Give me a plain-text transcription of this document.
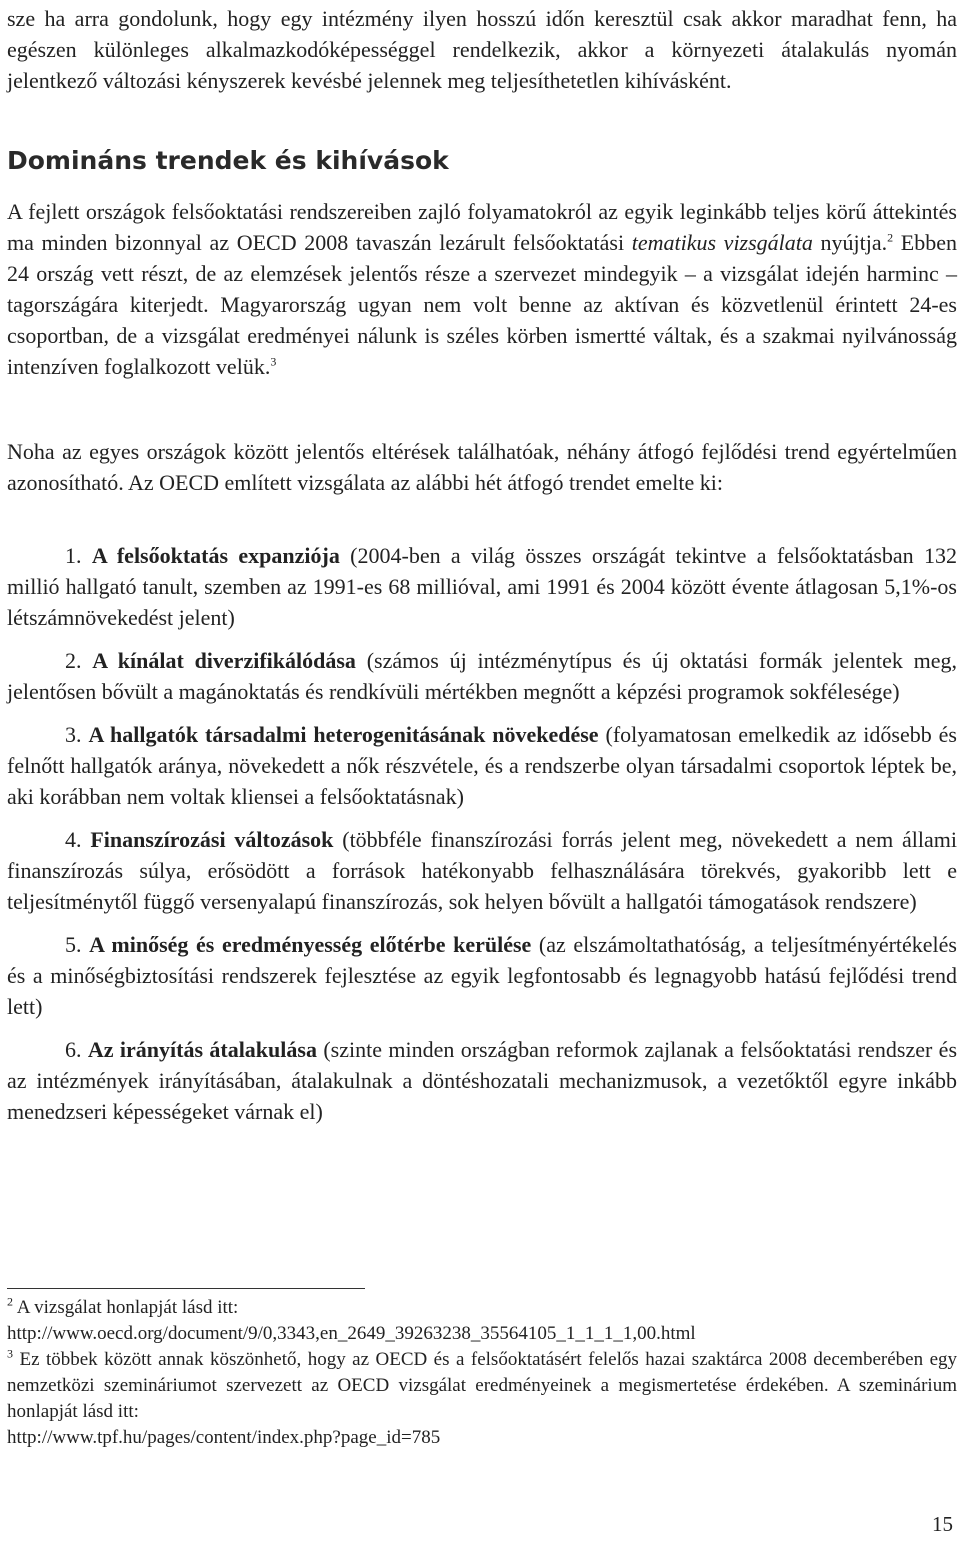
sze ha arra gondolunk, hogy egy intézmény ilyen hosszú időn keresztül csak akkor maradhat fenn, ha egészen különleges alkalmazkodóképességgel rendelkezik, akkor a környezeti átalakulás nyomán jelentkező változási kényszerek kevésbé jelennek meg teljesíthetetlen kihívásként.

Domináns trendek és kihívások

A fejlett országok felsőoktatási rendszereiben zajló folyamatokról az egyik leginkább teljes körű áttekintés ma minden bizonnyal az OECD 2008 tavaszán lezárult felsőoktatási tematikus vizsgálata nyújtja.$^2$ Ebben 24 ország vett részt, de az elemzések jelentős része a szervezet mindegyik – a vizsgálat idején harminc – tagországára kiterjedt. Magyarország ugyan nem volt benne az aktívan és közvetlenül érintett 24-es csoportban, de a vizsgálat eredményei nálunk is széles körben ismertté váltak, és a szakmai nyilvánosság intenzíven foglalkozott velük.$^3$

Noha az egyes országok között jelentős eltérések találhatóak, néhány átfogó fejlődési trend egyértelműen azonosítható. Az OECD említett vizsgálata az alábbi hét átfogó trendet emelte ki:

1. A felsőoktatás expanziója (2004-ben a világ összes országát tekintve a felsőoktatásban 132 millió hallgató tanult, szemben az 1991-es 68 millióval, ami 1991 és 2004 között évente átlagosan 5,1%-os létszámnövekedést jelent)
2. A kínálat diverzifikálódása (számos új intézménytípus és új oktatási formák jelentek meg, jelentősen bővült a magánoktatás és rendkívüli mértékben megnőtt a képzési programok sokfélesége)
3. A hallgatók társadalmi heterogenitásának növekedése (folyamatosan emelkedik az idősebb és felnőtt hallgatók aránya, növekedett a nők részvétele, és a rendszerbe olyan társadalmi csoportok léptek be, aki korábban nem voltak kliensei a felsőoktatásnak)
4. Finanszírozási változások (többféle finanszírozási forrás jelent meg, növekedett a nem állami finanszírozás súlya, erősödött a források hatékonyabb felhasználására törekvés, gyakoribb lett e teljesítménytől függő versenyalapú finanszírozás, sok helyen bővült a hallgatói támogatások rendszere)
5. A minőség és eredményesség előtérbe kerülése (az elszámoltathatóság, a teljesítményértékelés és a minőségbiztosítási rendszerek fejlesztése az egyik legfontosabb és legnagyobb hatású fejlődési trend lett)
6. Az irányítás átalakulása (szinte minden országban reformok zajlanak a felsőoktatási rendszer és az intézmények irányításában, átalakulnak a döntéshozatali mechanizmusok, a vezetőktől egyre inkább menedzseri képességeket várnak el)

$^2$ A vizsgálat honlapját lásd itt:
http://www.oecd.org/document/9/0,3343,en_2649_39263238_35564105_1_1_1_1,00.html

$^3$ Ez többek között annak köszönhető, hogy az OECD és a felsőoktatásért felelős hazai szaktárca 2008 decemberében egy nemzetközi szemináriumot szervezett az OECD vizsgálat eredményeinek a megismertetése érdekében. A szeminárium honlapját lásd itt:
http://www.tpf.hu/pages/content/index.php?page_id=785

15
